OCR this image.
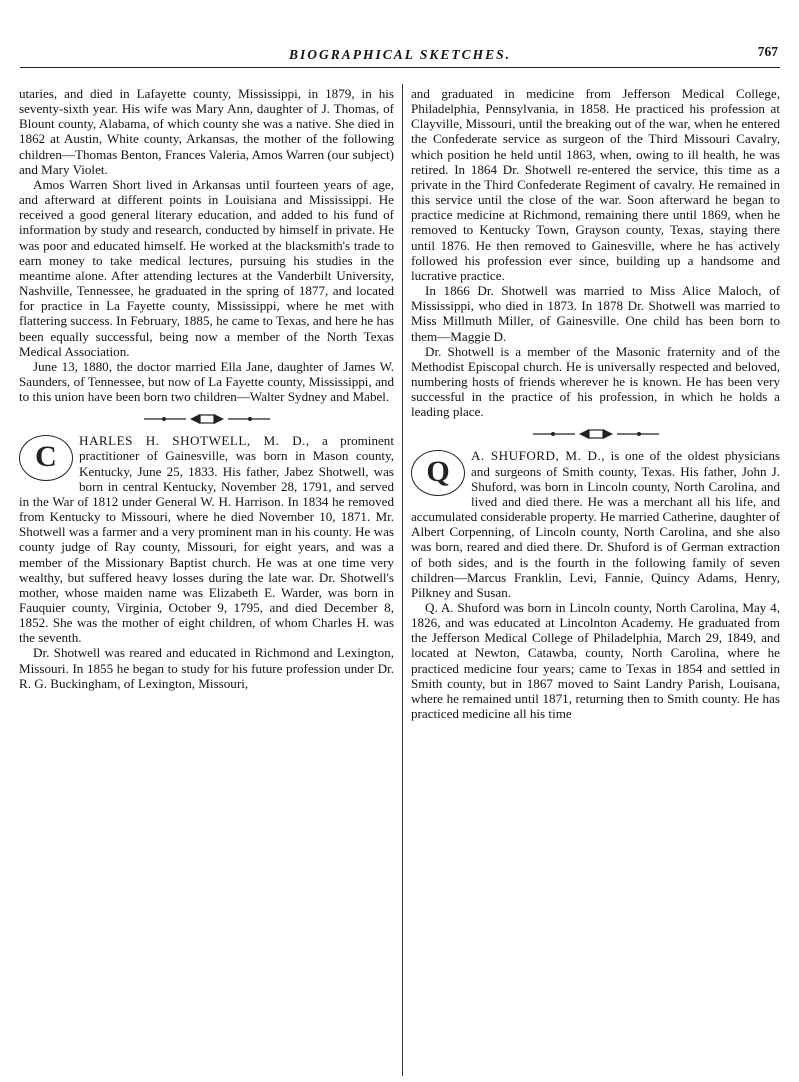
BIOGRAPHICAL SKETCHES.	767

utaries, and died in Lafayette county, Mississippi, in 1879, in his seventy-sixth year. His wife was Mary Ann, daughter of J. Thomas, of Blount county, Alabama, of which county she was a native. She died in 1862 at Austin, White county, Arkansas, the mother of the following children—Thomas Benton, Frances Valeria, Amos Warren (our subject) and Mary Violet.

Amos Warren Short lived in Arkansas until fourteen years of age, and afterward at different points in Louisiana and Mississippi. He received a good general literary education, and added to his fund of information by study and research, conducted by himself in private. He was poor and educated himself. He worked at the blacksmith's trade to earn money to take medical lectures, pursuing his studies in the meantime alone. After attending lectures at the Vanderbilt University, Nashville, Tennessee, he graduated in the spring of 1877, and located for practice in La Fayette county, Mississippi, where he met with flattering success. In February, 1885, he came to Texas, and here he has been equally successful, being now a member of the North Texas Medical Association.

June 13, 1880, the doctor married Ella Jane, daughter of James W. Saunders, of Tennessee, but now of La Fayette county, Mississippi, and to this union have been born two children—Walter Sydney and Mabel.

C	HARLES H. SHOTWELL, M. D., a prominent practitioner of Gainesville, was born in Mason county, Kentucky, June 25, 1833. His father, Jabez Shotwell, was born in central Kentucky, November 28, 1791, and served in the War of 1812 under General W. H. Harrison. In 1834 he removed from Kentucky to Missouri, where he died November 10, 1871. Mr. Shotwell was a farmer and a very prominent man in his county. He was county judge of Ray county, Missouri, for eight years, and was a member of the Missionary Baptist church. He was at one time very wealthy, but suffered heavy losses during the late war. Dr. Shotwell's mother, whose maiden name was Elizabeth E. Warder, was born in Fauquier county, Virginia, October 9, 1795, and died December 8, 1852. She was the mother of eight children, of whom Charles H. was the seventh.

Dr. Shotwell was reared and educated in Richmond and Lexington, Missouri. In 1855 he began to study for his future profession under Dr. R. G. Buckingham, of Lexington, Missouri,

and graduated in medicine from Jefferson Medical College, Philadelphia, Pennsylvania, in 1858. He practiced his profession at Clayville, Missouri, until the breaking out of the war, when he entered the Confederate service as surgeon of the Third Missouri Cavalry, which position he held until 1863, when, owing to ill health, he was retired. In 1864 Dr. Shotwell re-entered the service, this time as a private in the Third Confederate Regiment of cavalry. He remained in this service until the close of the war. Soon afterward he began to practice medicine at Richmond, remaining there until 1869, when he removed to Kentucky Town, Grayson county, Texas, staying there until 1876. He then removed to Gainesville, where he has actively followed his profession ever since, building up a handsome and lucrative practice.

In 1866 Dr. Shotwell was married to Miss Alice Maloch, of Mississippi, who died in 1873. In 1878 Dr. Shotwell was married to Miss Millmuth Miller, of Gainesville. One child has been born to them—Maggie D.

Dr. Shotwell is a member of the Masonic fraternity and of the Methodist Episcopal church. He is universally respected and beloved, numbering hosts of friends wherever he is known. He has been very successful in the practice of his profession, in which he holds a leading place.

Q	A. SHUFORD, M. D., is one of the oldest physicians and surgeons of Smith county, Texas. His father, John J. Shuford, was born in Lincoln county, North Carolina, and lived and died there. He was a merchant all his life, and accumulated considerable property. He married Catherine, daughter of Albert Corpenning, of Lincoln county, North Carolina, and she also was born, reared and died there. Dr. Shuford is of German extraction of both sides, and is the fourth in the following family of seven children—Marcus Franklin, Levi, Fannie, Quincy Adams, Henry, Pilkney and Susan.

Q. A. Shuford was born in Lincoln county, North Carolina, May 4, 1826, and was educated at Lincolnton Academy. He graduated from the Jefferson Medical College of Philadelphia, March 29, 1849, and located at Newton, Catawba, county, North Carolina, where he practiced medicine four years; came to Texas in 1854 and settled in Smith county, but in 1867 moved to Saint Landry Parish, Louisana, where he remained until 1871, returning then to Smith county. He has practiced medicine all his time
